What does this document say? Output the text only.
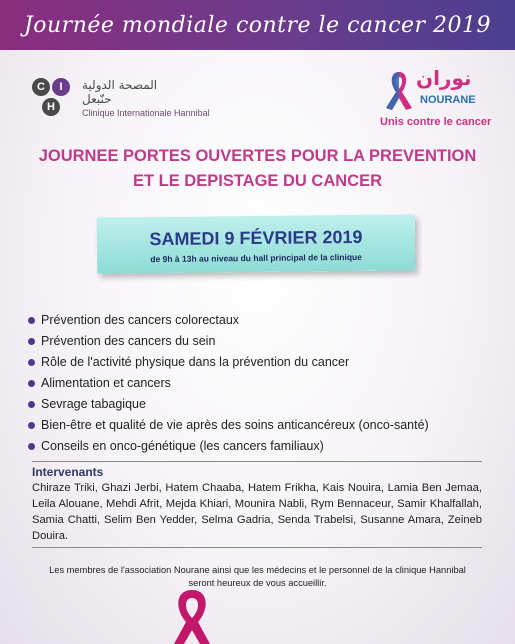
Journée mondiale contre le cancer 2019
C	I
H
المصحة الدولية حنّبعل
Clinique Internationale Hannibal
نوران
NOURANE
Unis contre le cancer
JOURNEE PORTES OUVERTES POUR LA PREVENTION
ET LE DEPISTAGE DU CANCER
SAMEDI 9 FÉVRIER 2019
de 9h à 13h au niveau du hall principal de la clinique
Prévention des cancers colorectaux
Prévention des cancers du sein
Rôle de l'activité physique dans la prévention du cancer
Alimentation et cancers
Sevrage tabagique
Bien-être et qualité de vie après des soins anticancéreux (onco-santé)
Conseils en onco-génétique (les cancers familiaux)
Intervenants
Chiraze Triki, Ghazi Jerbi, Hatem Chaaba, Hatem Frikha, Kais Nouira, Lamia Ben Jemaa, Leila Alouane, Mehdi Afrit, Mejda Khiari, Mounira Nabli, Rym Bennaceur, Samir Khalfallah, Samia Chatti, Selim Ben Yedder, Selma Gadria, Senda Trabelsi, Susanne Amara, Zeineb Douira.
Les membres de l'association Nourane ainsi que les médecins et le personnel de la clinique Hannibal
seront heureux de vous accueillir.
